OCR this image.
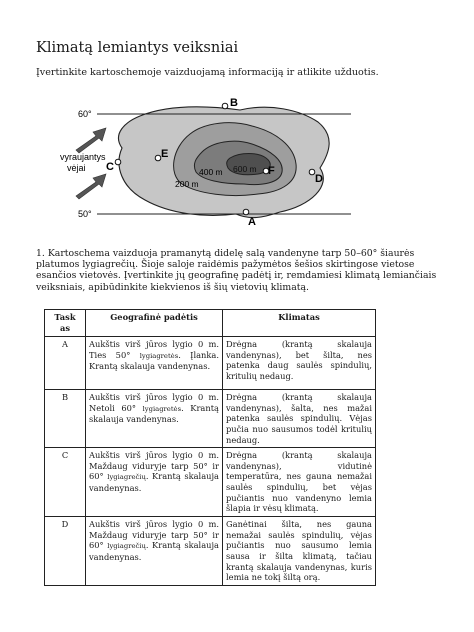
Klimatą lemiantys veiksniai

Įvertinkite kartoschemoje vaizduojamą informaciją ir atlikite užduotis.

60°
50°
vyraujantys vėjai
200 m
400 m 600 m
A
B
C
D
E
F

1. Kartoschema vaizduoja pramanytą didelę salą vandenyne tarp 50–60° šiaurės platumos lygiagrečių. Šioje saloje raidėmis pažymėtos šešios skirtingose vietose esančios vietovės. Įvertinkite jų geografinę padėtį ir, remdamiesi klimatą lemiančiais veiksniais, apibūdinkite kiekvienos iš šių vietovių klimatą.

Task
as	Geografinė padėtis	Klimatas
A	Aukštis virš jūros lygio 0 m. Ties 50° lygiagretės. Įlanka. Krantą skalauja vandenynas.	Drėgna (krantą skalauja vandenynas), bet šilta, nes patenka daug saulės spindulių, kritulių nedaug.
B	Aukštis virš jūros lygio 0 m. Netoli 60° lygiagretės. Krantą skalauja vandenynas.	Drėgna (krantą skalauja vandenynas), šalta, nes mažai patenka saulės spindulių. Vėjas pučia nuo sausumos todėl kritulių nedaug.
C	Aukštis virš jūros lygio 0 m. Maždaug viduryje tarp 50° ir 60° lygiagrečių. Krantą skalauja vandenynas.	Drėgna (krantą skalauja vandenynas), vidutinė temperatūra, nes gauna nemažai saulės spindulių, bet vėjas pučiantis nuo vandenyno lemia šlapia ir vėsų klimatą.
D	Aukštis virš jūros lygio 0 m. Maždaug viduryje tarp 50° ir 60° lygiagrečių. Krantą skalauja vandenynas.	Ganėtinai šilta, nes gauna nemažai saulės spindulių, vėjas pučiantis nuo sausumo lemia sausa ir šilta klimatą, tačiau krantą skalauja vandenynas, kuris lemia ne tokį šiltą orą.
